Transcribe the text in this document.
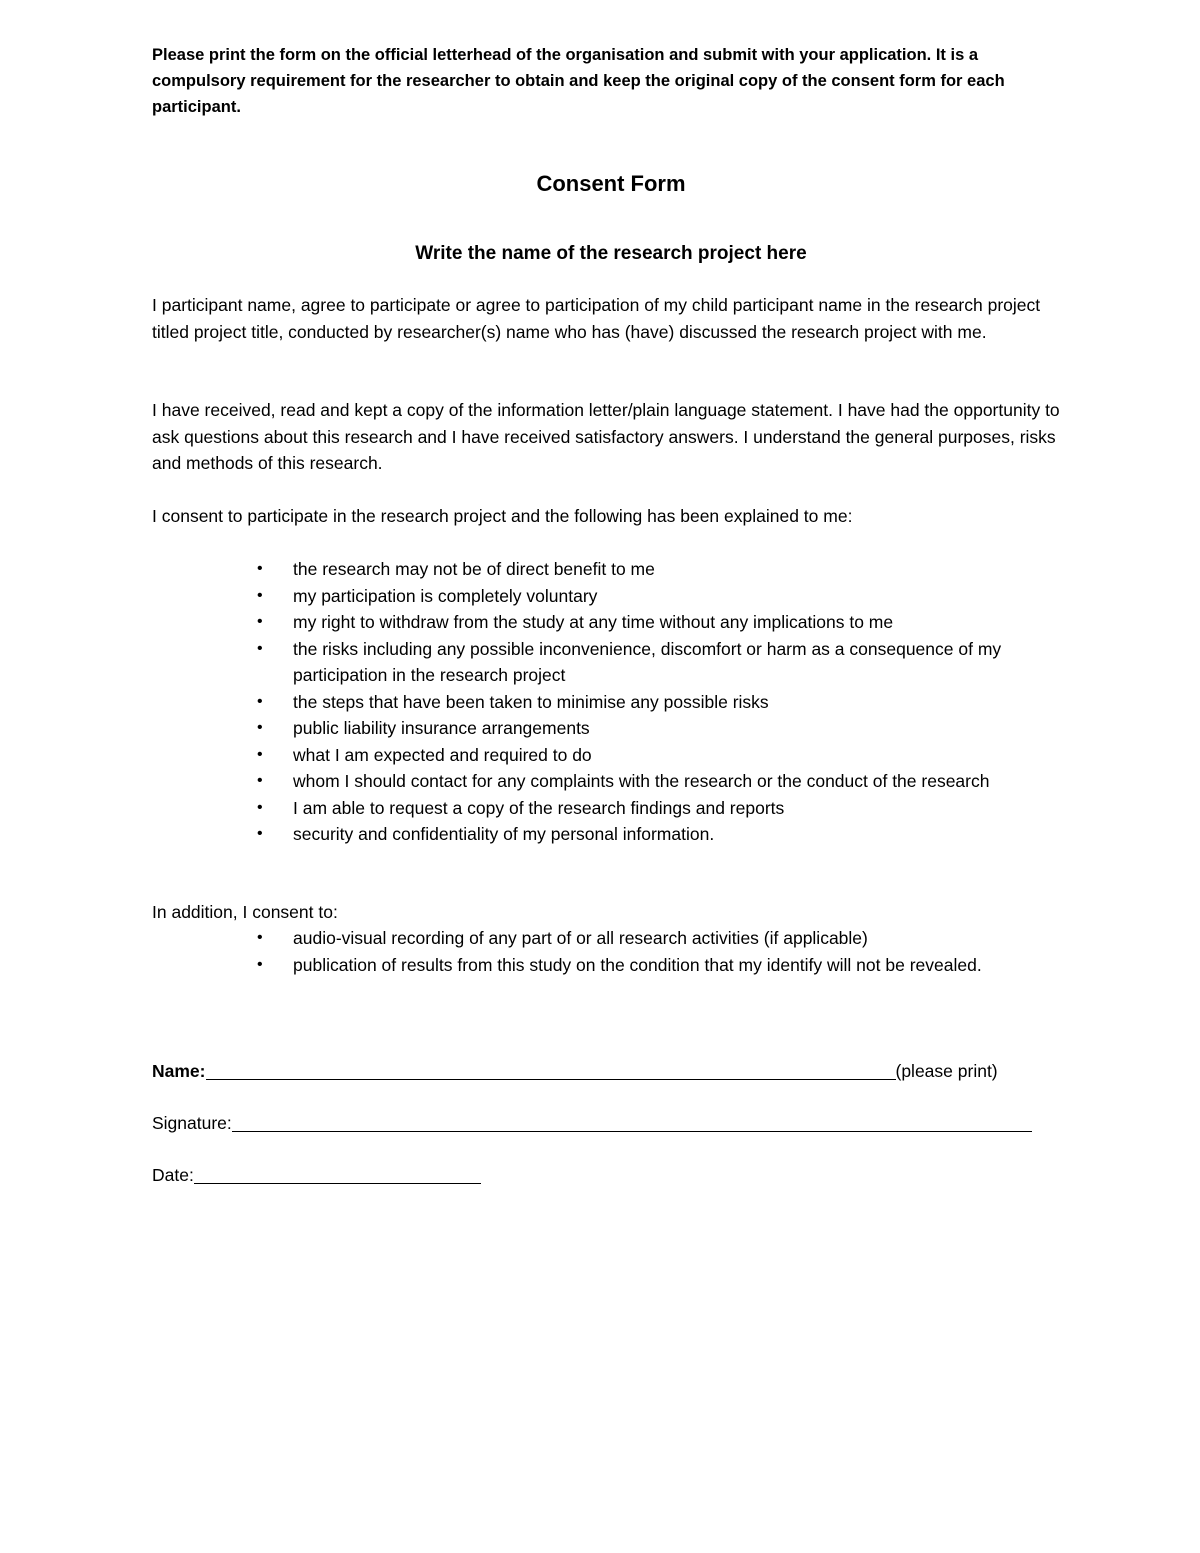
Please print the form on the official letterhead of the organisation and submit with your application. It is a compulsory requirement for the researcher to obtain and keep the original copy of the consent form for each participant.

Consent Form
Write the name of the research project here

I participant name, agree to participate or agree to participation of my child participant name in the research project titled project title, conducted by researcher(s) name who has (have) discussed the research project with me.

I have received, read and kept a copy of the information letter/plain language statement. I have had the opportunity to ask questions about this research and I have received satisfactory answers. I understand the general purposes, risks and methods of this research.

I consent to participate in the research project and the following has been explained to me:

• the research may not be of direct benefit to me
• my participation is completely voluntary
• my right to withdraw from the study at any time without any implications to me
• the risks including any possible inconvenience, discomfort or harm as a consequence of my participation in the research project
• the steps that have been taken to minimise any possible risks
• public liability insurance arrangements
• what I am expected and required to do
• whom I should contact for any complaints with the research or the conduct of the research
• I am able to request a copy of the research findings and reports
• security and confidentiality of my personal information.

In addition, I consent to:

• audio-visual recording of any part of or all research activities (if applicable)
• publication of results from this study on the condition that my identify will not be revealed.
Name:	(please print)
Signature:
Date:
